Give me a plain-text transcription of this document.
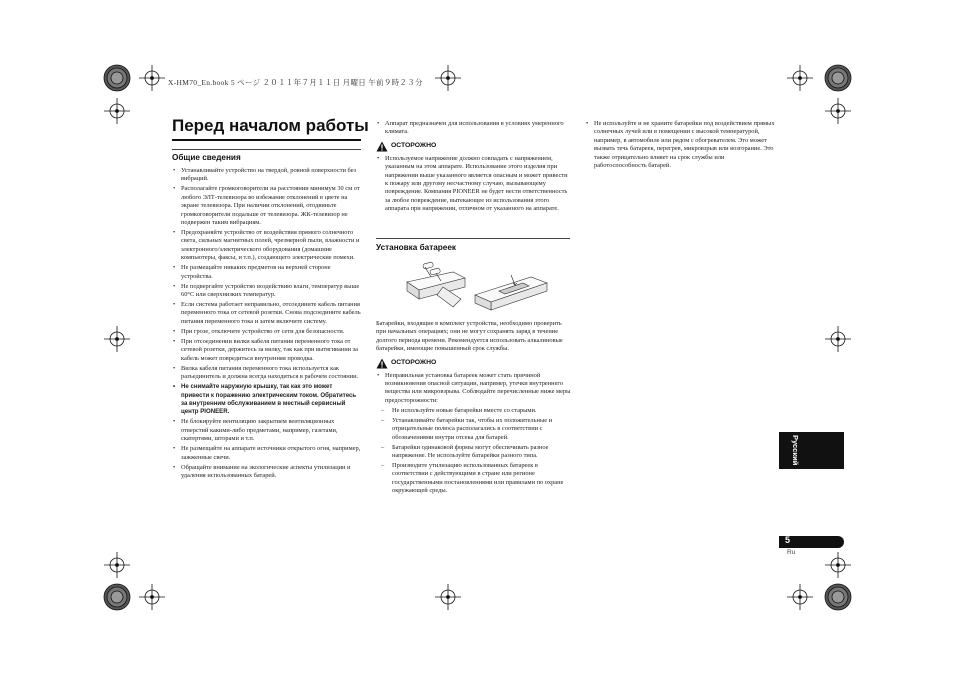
X-HM70_En.book 5 ページ ２０１１年７月１１日 月曜日 午前９時２３分
Перед началом работы
Общие сведения
• Устанавливайте устройство на твердой, ровной поверхности без вибраций.
• Располагайте громкоговорители на расстоянии минимум 30 см от любого ЭЛТ-телевизора во избежание отклонений в цвете на экране телевизора. При наличии отклонений, отодвиньте громкоговорители подальше от телевизора. ЖК-телевизор не подвержен таким вибрациям.
• Предохраняйте устройство от воздействия прямого солнечного света, сильных магнитных полей, чрезмерной пыли, влажности и электронного/электрического оборудования (домашние компьютеры, факсы, и т.п.), создающего электрические помехи.
• Не размещайте никаких предметов на верхней стороне устройства.
• Не подвергайте устройство воздействию влаги, температур выше 60°C или сверхнизких температур.
• Если система работает неправильно, отсоедините кабель питания переменного тока от сетевой розетки. Снова подсоедините кабель питания переменного тока и затем включите систему.
• При грозе, отключите устройство от сети для безопасности.
• При отсоединении вилки кабеля питания переменного тока от сетевой розетки, держитесь за вилку, так как при вытягивании за кабель может повредиться внутренняя проводка.
• Вилка кабеля питания переменного тока используется как разъединитель и должна всегда находиться в рабочем состоянии.
• Не снимайте наружную крышку, так как это может привести к поражению электрическим током. Обратитесь за внутренним обслуживанием в местный сервисный центр PIONEER.
• Не блокируйте вентиляцию закрытием вентиляционных отверстий какими-либо предметами, например, газетами, скатертями, шторами и т.п.
• Не размещайте на аппарате источники открытого огня, например, зажженные свечи.
• Обращайте внимание на экологические аспекты утилизации и удаления использованных батарей.
• Аппарат предназначен для использования в условиях умеренного климата.
ОСТОРОЖНО
• Используемое напряжение должно совпадать с напряжением, указанным на этом аппарате. Использование этого изделия при напряжении выше указанного является опасным и может привести к пожару или другому несчастному случаю, вызывающему повреждение. Компания PIONEER не будет нести ответственность за любое повреждение, вытекающее из использования этого аппарата при напряжении, отличном от указанного на аппарате.
Установка батареек

Батарейки, входящие в комплект устройства, необходимо проверить при начальных операциях; они не могут сохранять заряд в течение долгого периода времени. Рекомендуется использовать алкалиновые батарейки, имеющие повышенный срок службы.

ОСТОРОЖНО
• Неправильная установка батареек может стать причиной возникновения опасной ситуации, например, утечки внутреннего вещества или микровзрыва. Соблюдайте перечисленные ниже меры предосторожности:
– Не используйте новые батарейки вместе со старыми.
– Устанавливайте батарейки так, чтобы их положительные и отрицательные полюса располагались в соответствии с обозначениями внутри отсека для батарей.
– Батарейки одинаковой формы могут обеспечивать разное напряжение. Не используйте батарейки разного типа.
– Производите утилизацию использованных батареек в соответствии с действующими в стране или регионе государственными постановлениями или правилами по охране окружающей среды.
• Не используйте и не храните батарейки под воздействием прямых солнечных лучей или в помещении с высокой температурой, например, в автомобиле или рядом с обогревателем. Это может вызвать течь батареек, перегрев, микровзрыв или возгорание. Это также отрицательно влияет на срок службы или работоспособность батарей.
Русский
5
Ru
